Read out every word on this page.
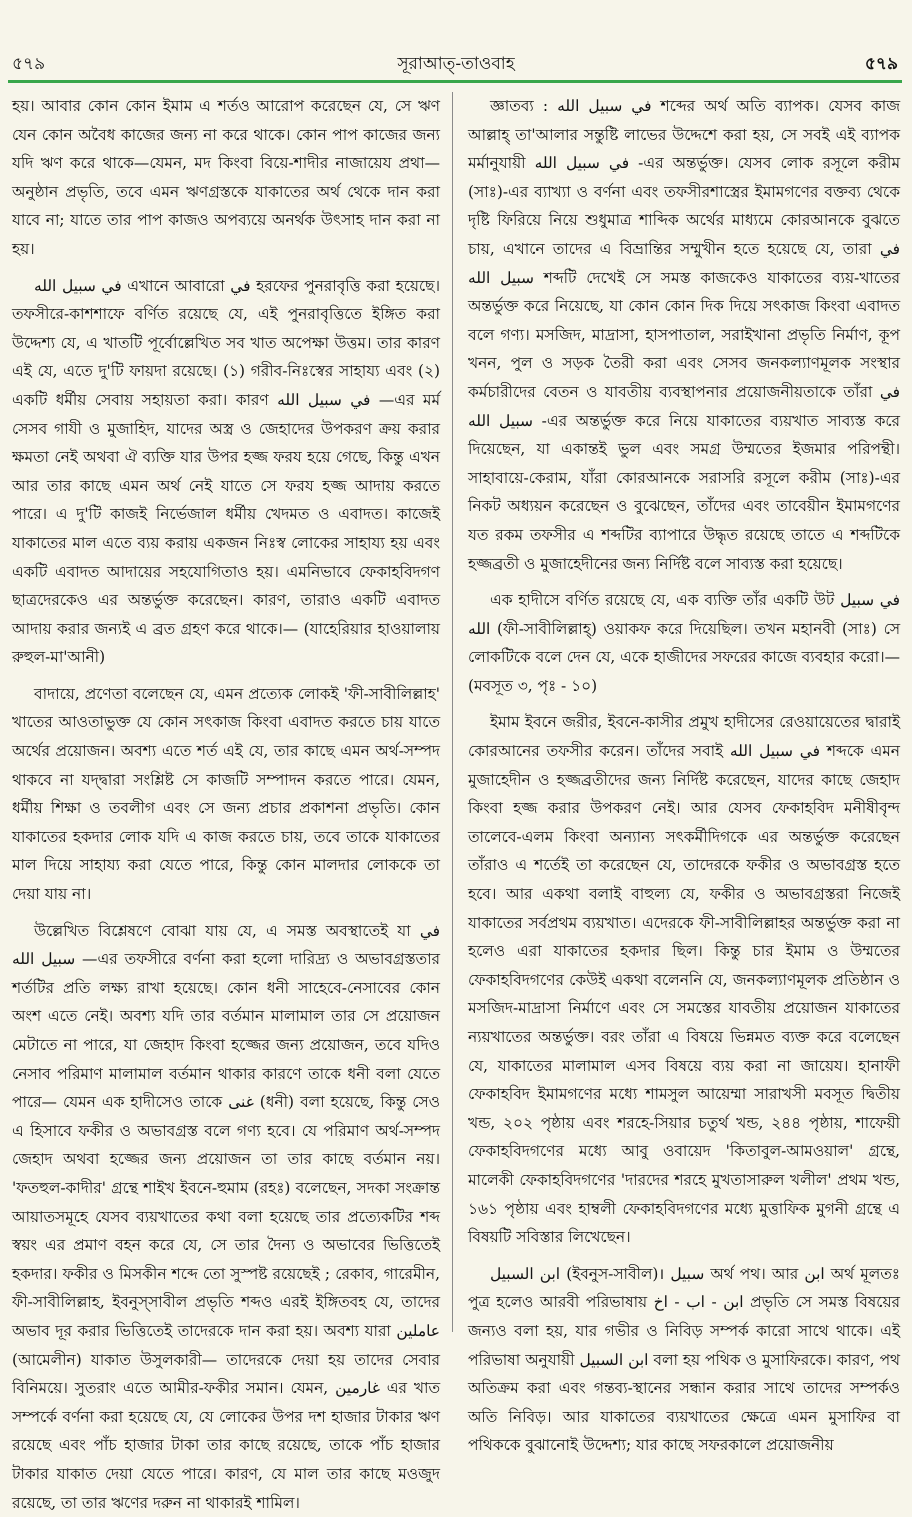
সূরাআত্‌-তাওবাহ
৫৭৯	৫৭৯

হয়। আবার কোন কোন ইমাম এ শর্তও আরোপ করেছেন যে, সে ঋণ যেন কোন অবৈধ কাজের জন্য না করে থাকে। কোন পাপ কাজের জন্য যদি ঋণ করে থাকে—যেমন, মদ কিংবা বিয়ে-শাদীর নাজায়েয প্রথা—অনুষ্ঠান প্রভৃতি, তবে এমন ঋণগ্রস্তকে যাকাতের অর্থ থেকে দান করা যাবে না; যাতে তার পাপ কাজও অপব্যয়ে অনর্থক উৎসাহ দান করা না হয়।

في سبيل الله এখানে আবারো في হরফের পুনরাবৃত্তি করা হয়েছে। তফসীরে-কাশশাফে বর্ণিত রয়েছে যে, এই পুনরাবৃত্তিতে ইঙ্গিত করা উদ্দেশ্য যে, এ খাতটি পূর্বোল্লেখিত সব খাত অপেক্ষা উত্তম। তার কারণ এই যে, এতে দু'টি ফায়দা রয়েছে। (১) গরীব-নিঃস্বের সাহায্য এবং (২) একটি ধর্মীয় সেবায় সহায়তা করা। কারণ في سبيل الله —এর মর্ম সেসব গাযী ও মুজাহিদ, যাদের অস্ত্র ও জেহাদের উপকরণ ক্রয় করার ক্ষমতা নেই অথবা ঐ ব্যক্তি যার উপর হজ্জ ফরয হয়ে গেছে, কিন্তু এখন আর তার কাছে এমন অর্থ নেই যাতে সে ফরয হজ্জ আদায় করতে পারে। এ দু'টি কাজই নির্ভেজাল ধর্মীয় খেদমত ও এবাদত। কাজেই যাকাতের মাল এতে ব্যয় করায় একজন নিঃস্ব লোকের সাহায্য হয় এবং একটি এবাদত আদায়ের সহযোগিতাও হয়। এমনিভাবে ফেকাহবিদগণ ছাত্রদেরকেও এর অন্তর্ভুক্ত করেছেন। কারণ, তারাও একটি এবাদত আদায় করার জন্যই এ ব্রত গ্রহণ করে থাকে।— (যাহেরিয়ার হাওয়ালায় রুহুল-মা'আনী)

বাদায়ে, প্রণেতা বলেছেন যে, এমন প্রত্যেক লোকই 'ফী-সাবীলিল্লাহ' খাতের আওতাভুক্ত যে কোন সৎকাজ কিংবা এবাদত করতে চায় যাতে অর্থের প্রয়োজন। অবশ্য এতে শর্ত এই যে, তার কাছে এমন অর্থ-সম্পদ থাকবে না যদ্দ্বারা সংশ্লিষ্ট সে কাজটি সম্পাদন করতে পারে। যেমন, ধর্মীয় শিক্ষা ও তবলীগ এবং সে জন্য প্রচার প্রকাশনা প্রভৃতি। কোন যাকাতের হকদার লোক যদি এ কাজ করতে চায়, তবে তাকে যাকাতের মাল দিয়ে সাহায্য করা যেতে পারে, কিন্তু কোন মালদার লোককে তা দেয়া যায় না।

উল্লেখিত বিশ্লেষণে বোঝা যায় যে, এ সমস্ত অবস্থাতেই যা في سبيل الله —এর তফসীরে বর্ণনা করা হলো দারিদ্র্য ও অভাবগ্রস্ততার শর্তটির প্রতি লক্ষ্য রাখা হয়েছে। কোন ধনী সাহেবে-নেসাবের কোন অংশ এতে নেই। অবশ্য যদি তার বর্তমান মালামাল তার সে প্রয়োজন মেটাতে না পারে, যা জেহাদ কিংবা হজ্জের জন্য প্রয়োজন, তবে যদিও নেসাব পরিমাণ মালামাল বর্তমান থাকার কারণে তাকে ধনী বলা যেতে পারে— যেমন এক হাদীসেও তাকে غنى (ধনী) বলা হয়েছে, কিন্তু সেও এ হিসাবে ফকীর ও অভাবগ্রস্ত বলে গণ্য হবে। যে পরিমাণ অর্থ-সম্পদ জেহাদ অথবা হজ্জের জন্য প্রয়োজন তা তার কাছে বর্তমান নয়। 'ফতহুল-কাদীর' গ্রন্থে শাইখ ইবনে-হুমাম (রহঃ) বলেছেন, সদকা সংক্রান্ত আয়াতসমূহে যেসব ব্যয়খাতের কথা বলা হয়েছে তার প্রত্যেকটির শব্দ স্বয়ং এর প্রমাণ বহন করে যে, সে তার দৈন্য ও অভাবের ভিত্তিতেই হকদার। ফকীর ও মিসকীন শব্দে তো সুস্পষ্ট রয়েছেই ; রেকাব, গারেমীন, ফী-সাবীলিল্লাহ, ইবনুস্সাবীল প্রভৃতি শব্দও এরই ইঙ্গিতবহ যে, তাদের অভাব দূর করার ভিত্তিতেই তাদেরকে দান করা হয়। অবশ্য যারা عاملين (আমেলীন) যাকাত উসুলকারী— তাদেরকে দেয়া হয় তাদের সেবার বিনিময়ে। সুতরাং এতে আমীর-ফকীর সমান। যেমন, غارمين এর খাত সম্পর্কে বর্ণনা করা হয়েছে যে, যে লোকের উপর দশ হাজার টাকার ঋণ রয়েছে এবং পাঁচ হাজার টাকা তার কাছে রয়েছে, তাকে পাঁচ হাজার টাকার যাকাত দেয়া যেতে পারে। কারণ, যে মাল তার কাছে মওজুদ রয়েছে, তা তার ঋণের দরুন না থাকারই শামিল।

জ্ঞাতব্য : في سبيل الله শব্দের অর্থ অতি ব্যাপক। যেসব কাজ আল্লাহ্‌ তা'আলার সন্তুষ্টি লাভের উদ্দেশে করা হয়, সে সবই এই ব্যাপক মর্মানুযায়ী في سبيل الله -এর অন্তর্ভুক্ত। যেসব লোক রসূলে করীম (সাঃ)-এর ব্যাখ্যা ও বর্ণনা এবং তফসীরশাস্ত্রের ইমামগণের বক্তব্য থেকে দৃষ্টি ফিরিয়ে নিয়ে শুধুমাত্র শাব্দিক অর্থের মাধ্যমে কোরআনকে বুঝতে চায়, এখানে তাদের এ বিভ্রান্তির সম্মুখীন হতে হয়েছে যে, তারা في سبيل الله শব্দটি দেখেই সে সমস্ত কাজকেও যাকাতের ব্যয়-খাতের অন্তর্ভুক্ত করে নিয়েছে, যা কোন কোন দিক দিয়ে সৎকাজ কিংবা এবাদত বলে গণ্য। মসজিদ, মাদ্রাসা, হাসপাতাল, সরাইখানা প্রভৃতি নির্মাণ, কূপ খনন, পুল ও সড়ক তৈরী করা এবং সেসব জনকল্যাণমূলক সংস্থার কর্মচারীদের বেতন ও যাবতীয় ব্যবস্থাপনার প্রয়োজনীয়তাকে তাঁরা في سبيل الله -এর অন্তর্ভুক্ত করে নিয়ে যাকাতের ব্যয়খাত সাব্যস্ত করে দিয়েছেন, যা একান্তই ভুল এবং সমগ্র উম্মতের ইজমার পরিপন্থী। সাহাবায়ে-কেরাম, যাঁরা কোরআনকে সরাসরি রসূলে করীম (সাঃ)-এর নিকট অধ্যয়ন করেছেন ও বুঝেছেন, তাঁদের এবং তাবেয়ীন ইমামগণের যত রকম তফসীর এ শব্দটির ব্যাপারে উদ্ধৃত রয়েছে তাতে এ শব্দটিকে হজ্জব্রতী ও মুজাহেদীনের জন্য নির্দিষ্ট বলে সাব্যস্ত করা হয়েছে।

এক হাদীসে বর্ণিত রয়েছে যে, এক ব্যক্তি তাঁর একটি উট في سبيل الله (ফী-সাবীলিল্লাহ্‌) ওয়াকফ করে দিয়েছিল। তখন মহানবী (সাঃ) সে লোকটিকে বলে দেন যে, একে হাজীদের সফরের কাজে ব্যবহার করো।—(মবসূত ৩, পৃঃ - ১০)

ইমাম ইবনে জরীর, ইবনে-কাসীর প্রমুখ হাদীসের রেওয়ায়েতের দ্বারাই কোরআনের তফসীর করেন। তাঁদের সবাই في سبيل الله শব্দকে এমন মুজাহেদীন ও হজ্জব্রতীদের জন্য নির্দিষ্ট করেছেন, যাদের কাছে জেহাদ কিংবা হজ্জ করার উপকরণ নেই। আর যেসব ফেকাহবিদ মনীষীবৃন্দ তালেবে-এলম কিংবা অন্যান্য সৎকর্মীদিগকে এর অন্তর্ভুক্ত করেছেন তাঁরাও এ শর্তেই তা করেছেন যে, তাদেরকে ফকীর ও অভাবগ্রস্ত হতে হবে। আর একথা বলাই বাহুল্য যে, ফকীর ও অভাবগ্রস্তরা নিজেই যাকাতের সর্বপ্রথম ব্যয়খাত। এদেরকে ফী-সাবীলিল্লাহর অন্তর্ভুক্ত করা না হলেও এরা যাকাতের হকদার ছিল। কিন্তু চার ইমাম ও উম্মতের ফেকাহবিদগণের কেউই একথা বলেননি যে, জনকল্যাণমূলক প্রতিষ্ঠান ও মসজিদ-মাদ্রাসা নির্মাণে এবং সে সমস্তের যাবতীয় প্রয়োজন যাকাতের ন্যয়খাতের অন্তর্ভুক্ত। বরং তাঁরা এ বিষয়ে ভিন্নমত ব্যক্ত করে বলেছেন যে, যাকাতের মালামাল এসব বিষয়ে ব্যয় করা না জায়েয। হানাফী ফেকাহবিদ ইমামগণের মধ্যে শামসুল আয়েম্মা সারাখসী মবসূত দ্বিতীয় খন্ড, ২০২ পৃষ্ঠায় এবং শরহে-সিয়ার চতুর্থ খন্ড, ২৪৪ পৃষ্ঠায়, শাফেয়ী ফেকাহবিদগণের মধ্যে আবু ওবায়েদ 'কিতাবুল-আমওয়াল' গ্রন্থে, মালেকী ফেকাহবিদগণের 'দারদের শরহে মুখতাসারুল খলীল' প্রথম খন্ড, ১৬১ পৃষ্ঠায় এবং হাম্বলী ফেকাহবিদগণের মধ্যে মুত্তাফিক মুগনী গ্রন্থে এ বিষয়টি সবিস্তার লিখেছেন।

ابن السبيل (ইবনুস-সাবীল)। سبيل অর্থ পথ। আর ابن অর্থ মূলতঃ পুত্র হলেও আরবী পরিভাষায় ابن - اب - اخ প্রভৃতি সে সমস্ত বিষয়ের জন্যও বলা হয়, যার গভীর ও নিবিড় সম্পর্ক কারো সাথে থাকে। এই পরিভাষা অনুযায়ী ابن السبيل বলা হয় পথিক ও মুসাফিরকে। কারণ, পথ অতিক্রম করা এবং গন্তব্য-স্থানের সন্ধান করার সাথে তাদের সম্পর্কও অতি নিবিড়। আর যাকাতের ব্যয়খাতের ক্ষেত্রে এমন মুসাফির বা পথিককে বুঝানোই উদ্দেশ্য; যার কাছে সফরকালে প্রয়োজনীয়
